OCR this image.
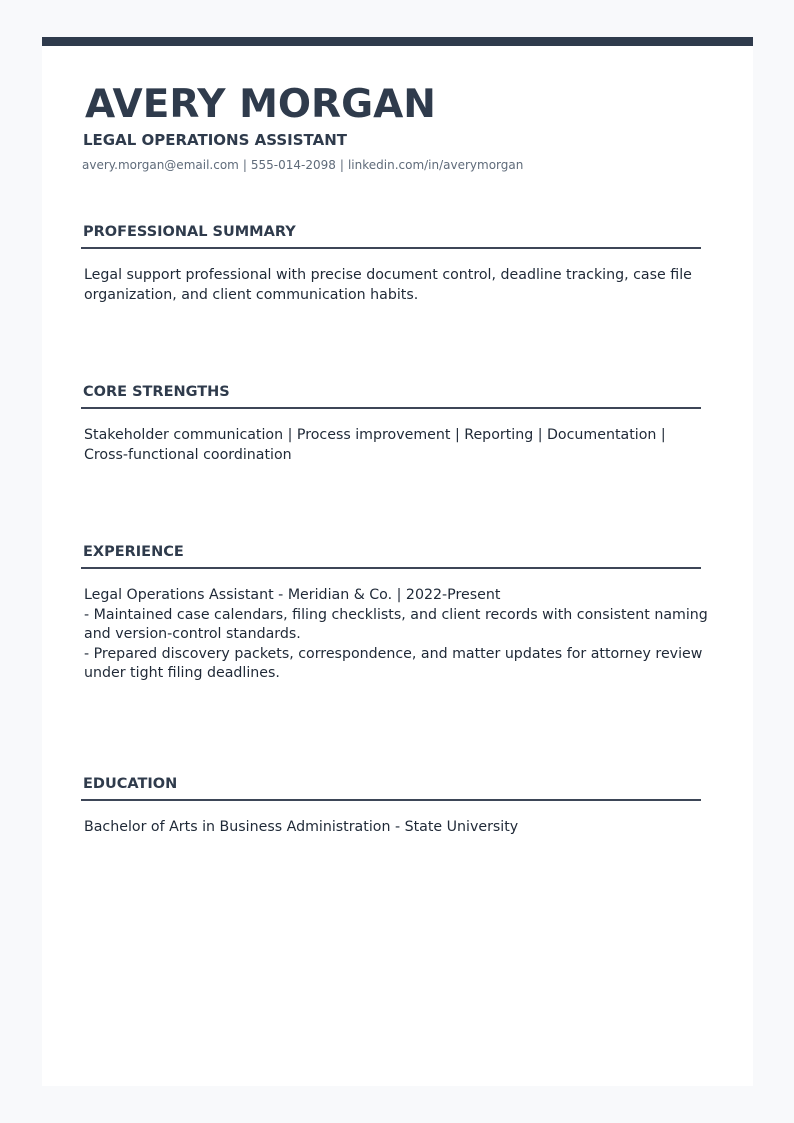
AVERY MORGAN
LEGAL OPERATIONS ASSISTANT
avery.morgan@email.com | 555-014-2098 | linkedin.com/in/averymorgan
PROFESSIONAL SUMMARY

Legal support professional with precise document control, deadline tracking, case file organization, and client communication habits.

CORE STRENGTHS

Stakeholder communication | Process improvement | Reporting | Documentation | Cross-functional coordination

EXPERIENCE

Legal Operations Assistant - Meridian & Co. | 2022-Present

- Maintained case calendars, filing checklists, and client records with consistent naming and version-control standards.

- Prepared discovery packets, correspondence, and matter updates for attorney review under tight filing deadlines.

EDUCATION

Bachelor of Arts in Business Administration - State University
